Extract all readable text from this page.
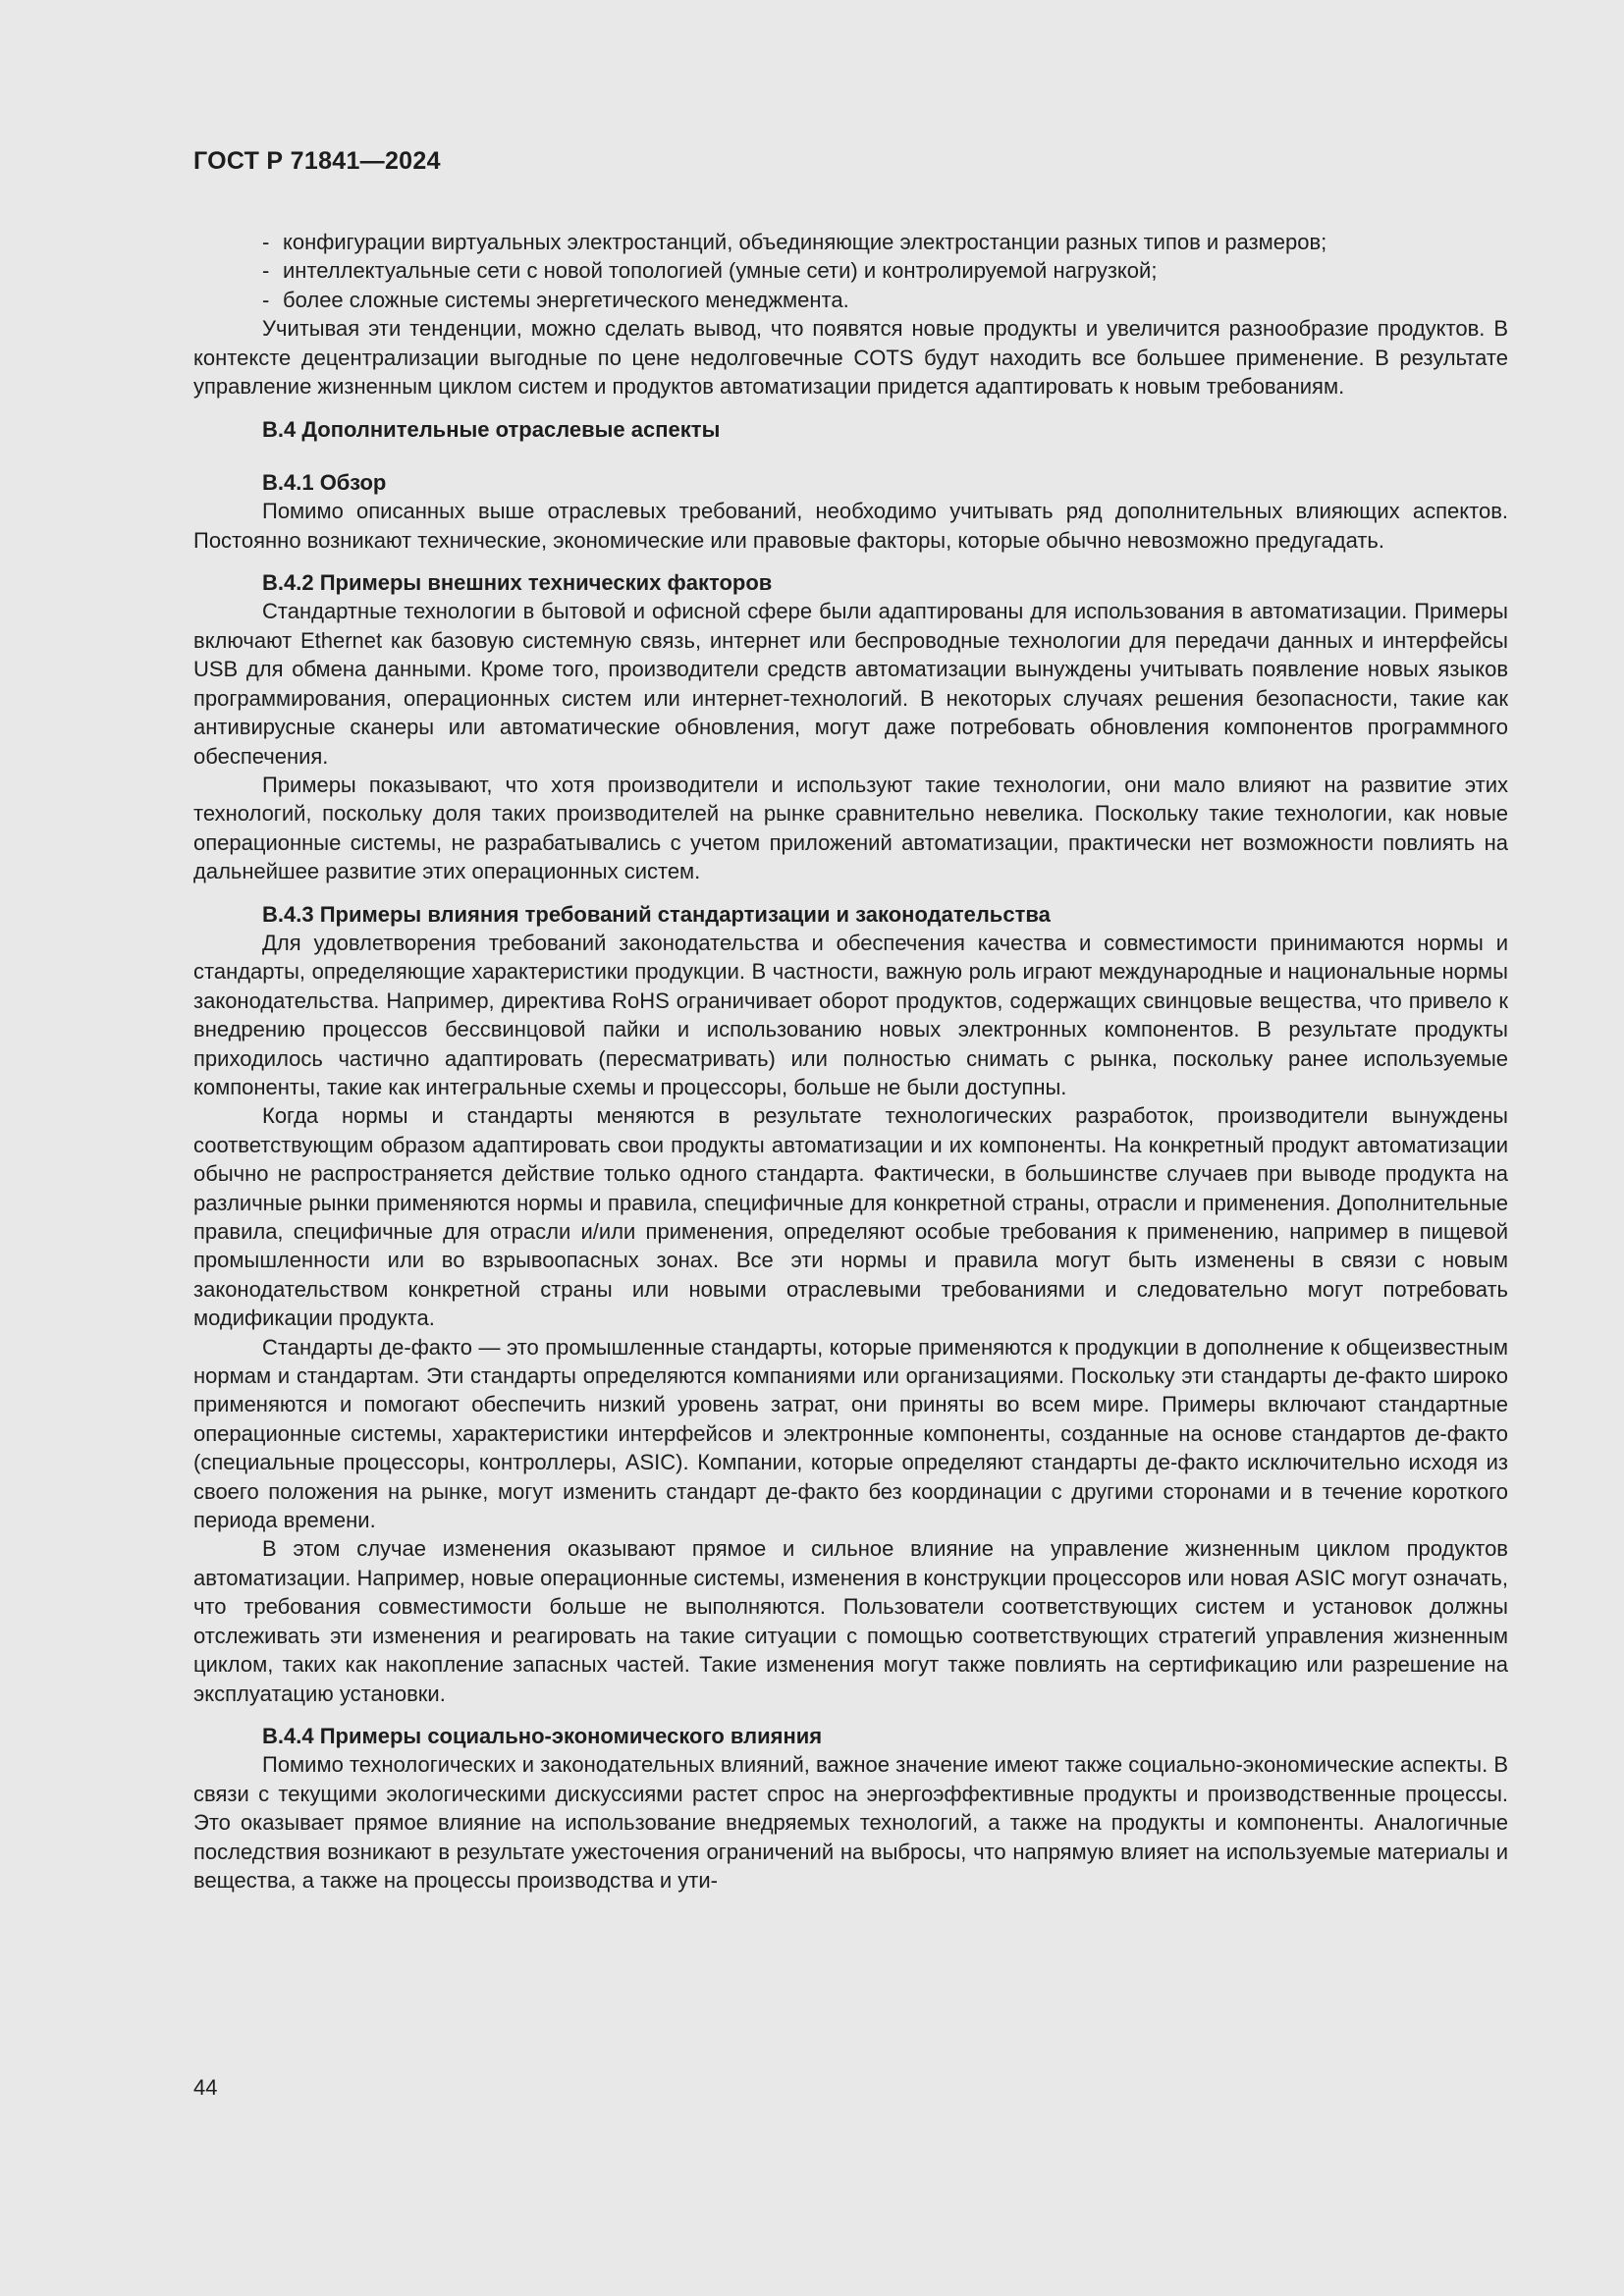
ГОСТ Р 71841—2024

- конфигурации виртуальных электростанций, объединяющие электростанции разных типов и размеров;

- интеллектуальные сети с новой топологией (умные сети) и контролируемой нагрузкой;

- более сложные системы энергетического менеджмента.

Учитывая эти тенденции, можно сделать вывод, что появятся новые продукты и увеличится разнообразие продуктов. В контексте децентрализации выгодные по цене недолговечные COTS будут находить все большее применение. В результате управление жизненным циклом систем и продуктов автоматизации придется адаптировать к новым требованиям.

В.4 Дополнительные отраслевые аспекты
В.4.1 Обзор

Помимо описанных выше отраслевых требований, необходимо учитывать ряд дополнительных влияющих аспектов. Постоянно возникают технические, экономические или правовые факторы, которые обычно невозможно предугадать.

В.4.2 Примеры внешних технических факторов

Стандартные технологии в бытовой и офисной сфере были адаптированы для использования в автоматизации. Примеры включают Ethernet как базовую системную связь, интернет или беспроводные технологии для передачи данных и интерфейсы USB для обмена данными. Кроме того, производители средств автоматизации вынуждены учитывать появление новых языков программирования, операционных систем или интернет-технологий. В некоторых случаях решения безопасности, такие как антивирусные сканеры или автоматические обновления, могут даже потребовать обновления компонентов программного обеспечения.

Примеры показывают, что хотя производители и используют такие технологии, они мало влияют на развитие этих технологий, поскольку доля таких производителей на рынке сравнительно невелика. Поскольку такие технологии, как новые операционные системы, не разрабатывались с учетом приложений автоматизации, практически нет возможности повлиять на дальнейшее развитие этих операционных систем.

В.4.3 Примеры влияния требований стандартизации и законодательства

Для удовлетворения требований законодательства и обеспечения качества и совместимости принимаются нормы и стандарты, определяющие характеристики продукции. В частности, важную роль играют международные и национальные нормы законодательства. Например, директива RoHS ограничивает оборот продуктов, содержащих свинцовые вещества, что привело к внедрению процессов бессвинцовой пайки и использованию новых электронных компонентов. В результате продукты приходилось частично адаптировать (пересматривать) или полностью снимать с рынка, поскольку ранее используемые компоненты, такие как интегральные схемы и процессоры, больше не были доступны.

Когда нормы и стандарты меняются в результате технологических разработок, производители вынуждены соответствующим образом адаптировать свои продукты автоматизации и их компоненты. На конкретный продукт автоматизации обычно не распространяется действие только одного стандарта. Фактически, в большинстве случаев при выводе продукта на различные рынки применяются нормы и правила, специфичные для конкретной страны, отрасли и применения. Дополнительные правила, специфичные для отрасли и/или применения, определяют особые требования к применению, например в пищевой промышленности или во взрывоопасных зонах. Все эти нормы и правила могут быть изменены в связи с новым законодательством конкретной страны или новыми отраслевыми требованиями и следовательно могут потребовать модификации продукта.

Стандарты де-факто — это промышленные стандарты, которые применяются к продукции в дополнение к общеизвестным нормам и стандартам. Эти стандарты определяются компаниями или организациями. Поскольку эти стандарты де-факто широко применяются и помогают обеспечить низкий уровень затрат, они приняты во всем мире. Примеры включают стандартные операционные системы, характеристики интерфейсов и электронные компоненты, созданные на основе стандартов де-факто (специальные процессоры, контроллеры, ASIC). Компании, которые определяют стандарты де-факто исключительно исходя из своего положения на рынке, могут изменить стандарт де-факто без координации с другими сторонами и в течение короткого периода времени.

В этом случае изменения оказывают прямое и сильное влияние на управление жизненным циклом продуктов автоматизации. Например, новые операционные системы, изменения в конструкции процессоров или новая ASIC могут означать, что требования совместимости больше не выполняются. Пользователи соответствующих систем и установок должны отслеживать эти изменения и реагировать на такие ситуации с помощью соответствующих стратегий управления жизненным циклом, таких как накопление запасных частей. Такие изменения могут также повлиять на сертификацию или разрешение на эксплуатацию установки.

В.4.4 Примеры социально-экономического влияния

Помимо технологических и законодательных влияний, важное значение имеют также социально-экономические аспекты. В связи с текущими экологическими дискуссиями растет спрос на энергоэффективные продукты и производственные процессы. Это оказывает прямое влияние на использование внедряемых технологий, а также на продукты и компоненты. Аналогичные последствия возникают в результате ужесточения ограничений на выбросы, что напрямую влияет на используемые материалы и вещества, а также на процессы производства и ути-

44
